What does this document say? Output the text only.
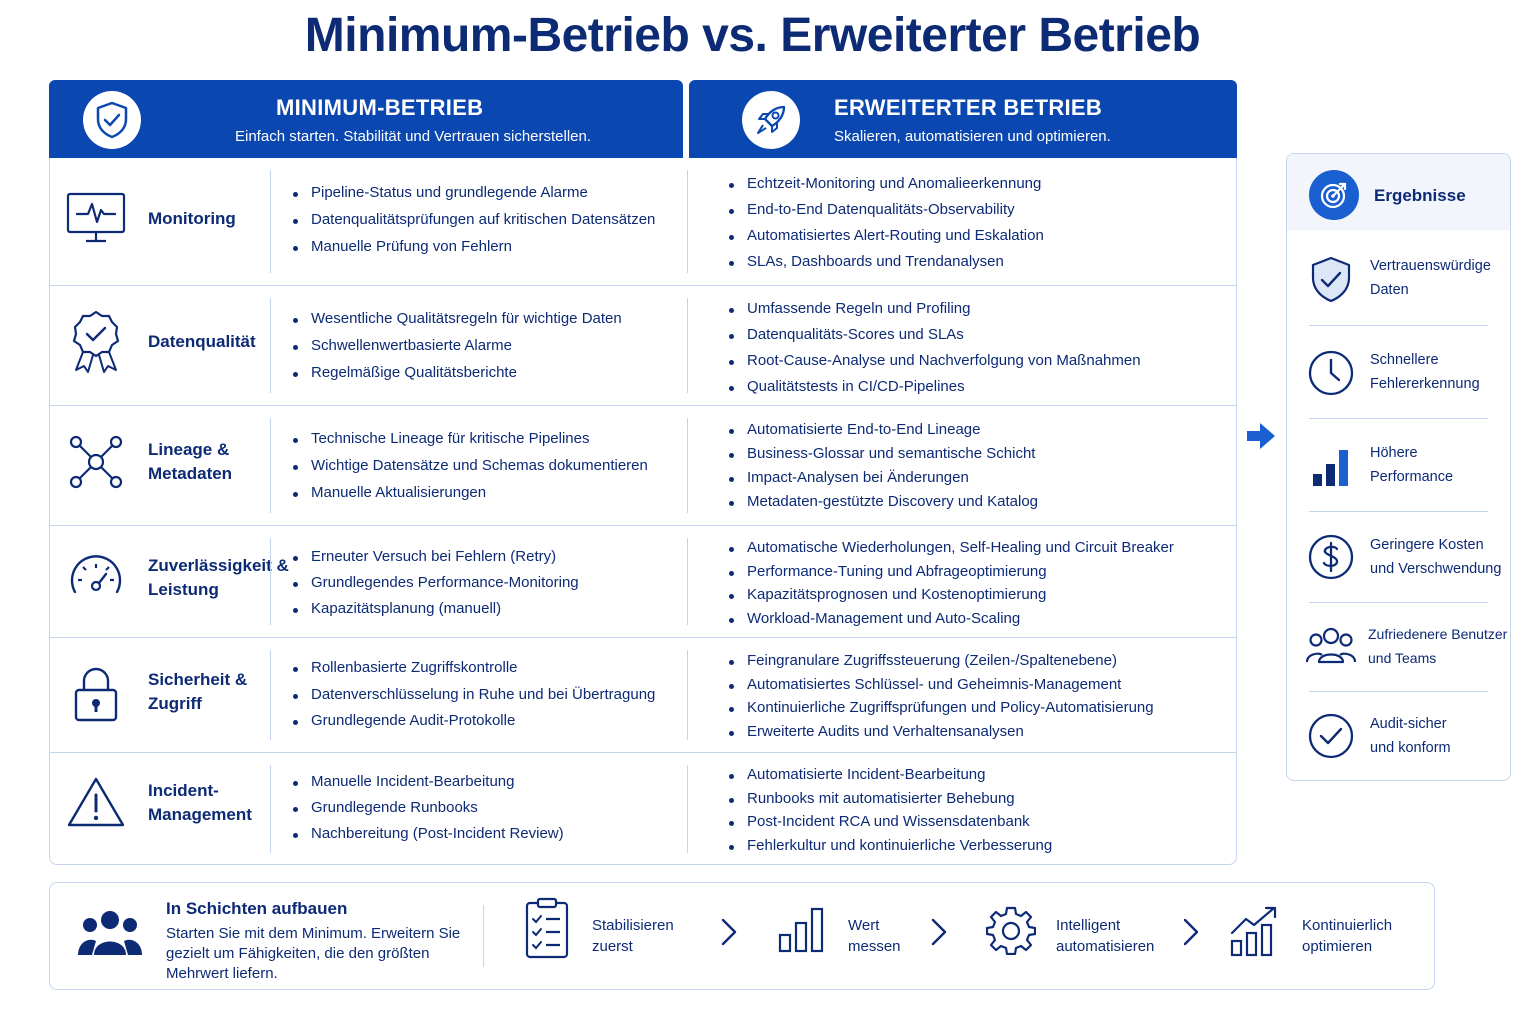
Minimum-Betrieb vs. Erweiterter Betrieb
MINIMUM-BETRIEB
Einfach starten. Stabilität und Vertrauen sicherstellen.
ERWEITERTER BETRIEB
Skalieren, automatisieren und optimieren.
Monitoring
Pipeline-Status und grundlegende Alarme
Datenqualitätsprüfungen auf kritischen Datensätzen
Manuelle Prüfung von Fehlern
Echtzeit-Monitoring und Anomalieerkennung
End-to-End Datenqualitäts-Observability
Automatisiertes Alert-Routing und Eskalation
SLAs, Dashboards und Trendanalysen
Datenqualität
Wesentliche Qualitätsregeln für wichtige Daten
Schwellenwertbasierte Alarme
Regelmäßige Qualitätsberichte
Umfassende Regeln und Profiling
Datenqualitäts-Scores und SLAs
Root-Cause-Analyse und Nachverfolgung von Maßnahmen
Qualitätstests in CI/CD-Pipelines
Lineage &
Metadaten
Technische Lineage für kritische Pipelines
Wichtige Datensätze und Schemas dokumentieren
Manuelle Aktualisierungen
Automatisierte End-to-End Lineage
Business-Glossar und semantische Schicht
Impact-Analysen bei Änderungen
Metadaten-gestützte Discovery und Katalog
Zuverlässigkeit &
Leistung
Erneuter Versuch bei Fehlern (Retry)
Grundlegendes Performance-Monitoring
Kapazitätsplanung (manuell)
Automatische Wiederholungen, Self-Healing und Circuit Breaker
Performance-Tuning und Abfrageoptimierung
Kapazitätsprognosen und Kostenoptimierung
Workload-Management und Auto-Scaling
Sicherheit &
Zugriff
Rollenbasierte Zugriffskontrolle
Datenverschlüsselung in Ruhe und bei Übertragung
Grundlegende Audit-Protokolle
Feingranulare Zugriffssteuerung (Zeilen-/Spaltenebene)
Automatisiertes Schlüssel- und Geheimnis-Management
Kontinuierliche Zugriffsprüfungen und Policy-Automatisierung
Erweiterte Audits und Verhaltensanalysen
Incident-
Management
Manuelle Incident-Bearbeitung
Grundlegende Runbooks
Nachbereitung (Post-Incident Review)
Automatisierte Incident-Bearbeitung
Runbooks mit automatisierter Behebung
Post-Incident RCA und Wissensdatenbank
Fehlerkultur und kontinuierliche Verbesserung
Ergebnisse
Vertrauenswürdige
Daten
Schnellere
Fehlererkennung
Höhere
Performance
Geringere Kosten
und Verschwendung
Zufriedenere Benutzer
und Teams
Audit-sicher
und konform
In Schichten aufbauen
Starten Sie mit dem Minimum. Erweitern Sie gezielt um Fähigkeiten, die den größten Mehrwert liefern.
Stabilisieren
zuerst
Wert
messen
Intelligent
automatisieren
Kontinuierlich
optimieren
